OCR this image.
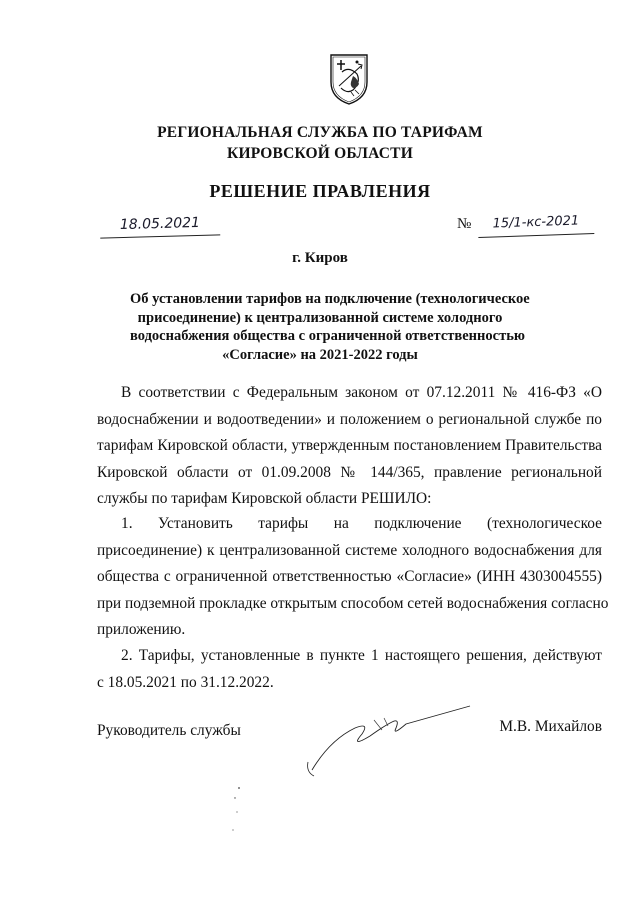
РЕГИОНАЛЬНАЯ СЛУЖБА ПО ТАРИФАМ
КИРОВСКОЙ ОБЛАСТИ
РЕШЕНИЕ ПРАВЛЕНИЯ
18.05.2021	№	15/1-кс-2021
г. Киров
Об установлении тарифов на подключение (технологическое
присоединение) к централизованной системе холодного
водоснабжения общества с ограниченной ответственностью
«Согласие» на 2021-2022 годы
В соответствии с Федеральным законом от 07.12.2011 № 416-ФЗ «О
водоснабжении и водоотведении» и положением о региональной службе по
тарифам Кировской области, утвержденным постановлением Правительства
Кировской области от 01.09.2008 № 144/365, правление региональной
службы по тарифам Кировской области РЕШИЛО:
1. Установить тарифы на подключение (технологическое
присоединение) к централизованной системе холодного водоснабжения для
общества с ограниченной ответственностью «Согласие» (ИНН 4303004555)
при подземной прокладке открытым способом сетей водоснабжения согласно
приложению.
2. Тарифы, установленные в пункте 1 настоящего решения, действуют
с 18.05.2021 по 31.12.2022.
Руководитель службы	М.В. Михайлов
